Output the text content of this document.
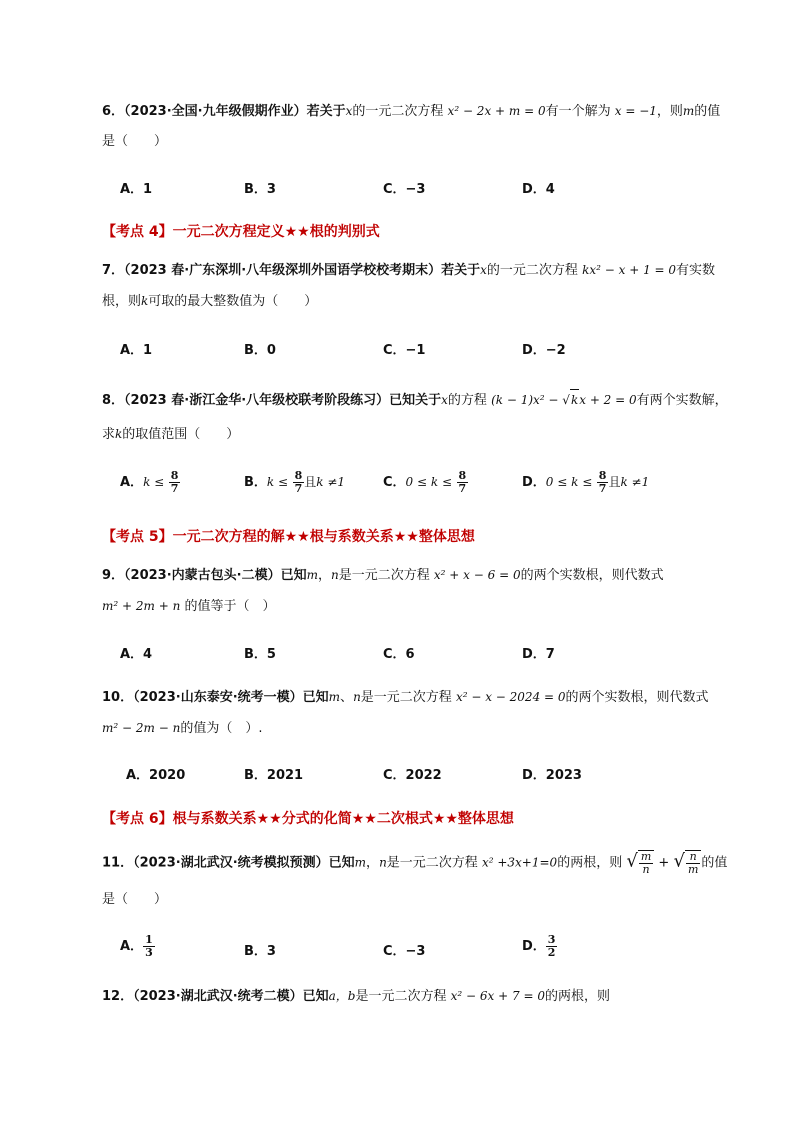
6．（2023·全国·九年级假期作业）若关于x的一元二次方程 x² − 2x + m = 0有一个解为 x = −1，则m的值
是（　　）
A．1	B．3	C．−3	D．4
【考点 4】一元二次方程定义★★根的判别式
7．（2023 春·广东深圳·八年级深圳外国语学校校考期末）若关于x的一元二次方程 kx² − x + 1 = 0有实数
根，则k可取的最大整数值为（　　）
A．1	B．0	C．−1	D．−2
8．（2023 春·浙江金华·八年级校联考阶段练习）已知关于x的方程 (k − 1)x² − √kx + 2 = 0有两个实数解，
求k的取值范围（　　）
A．$k \le \frac{8}{7}$	B．$k \le \frac{8}{7}$ 且k ≠1	C．$0 \le k \le \frac{8}{7}$	D．$0 \le k \le \frac{8}{7}$ 且k ≠1
【考点 5】一元二次方程的解★★根与系数关系★★整体思想
9．（2023·内蒙古包头·二模）已知m，n是一元二次方程 x² + x − 6 = 0的两个实数根，则代数式
m² + 2m + n 的值等于（　）
A．4	B．5	C．6	D．7
10．（2023·山东泰安·统考一模）已知m、n是一元二次方程 x² − x − 2024 = 0的两个实数根，则代数式
m² − 2m − n的值为（　）.
A．2020	B．2021	C．2022	D．2023
【考点 6】根与系数关系★★分式的化简★★二次根式★★整体思想
11．（2023·湖北武汉·统考模拟预测）已知m，n是一元二次方程 x² +3x+1=0的两根，则 √ $\frac{m}{n}$ + √ $\frac{n}{m}$ 的值
是（　　）
A． $\frac{1}{3}$	B．3	C．−3	D． $\frac{3}{2}$
12．（2023·湖北武汉·统考二模）已知a，b是一元二次方程 x² − 6x + 7 = 0的两根，则
